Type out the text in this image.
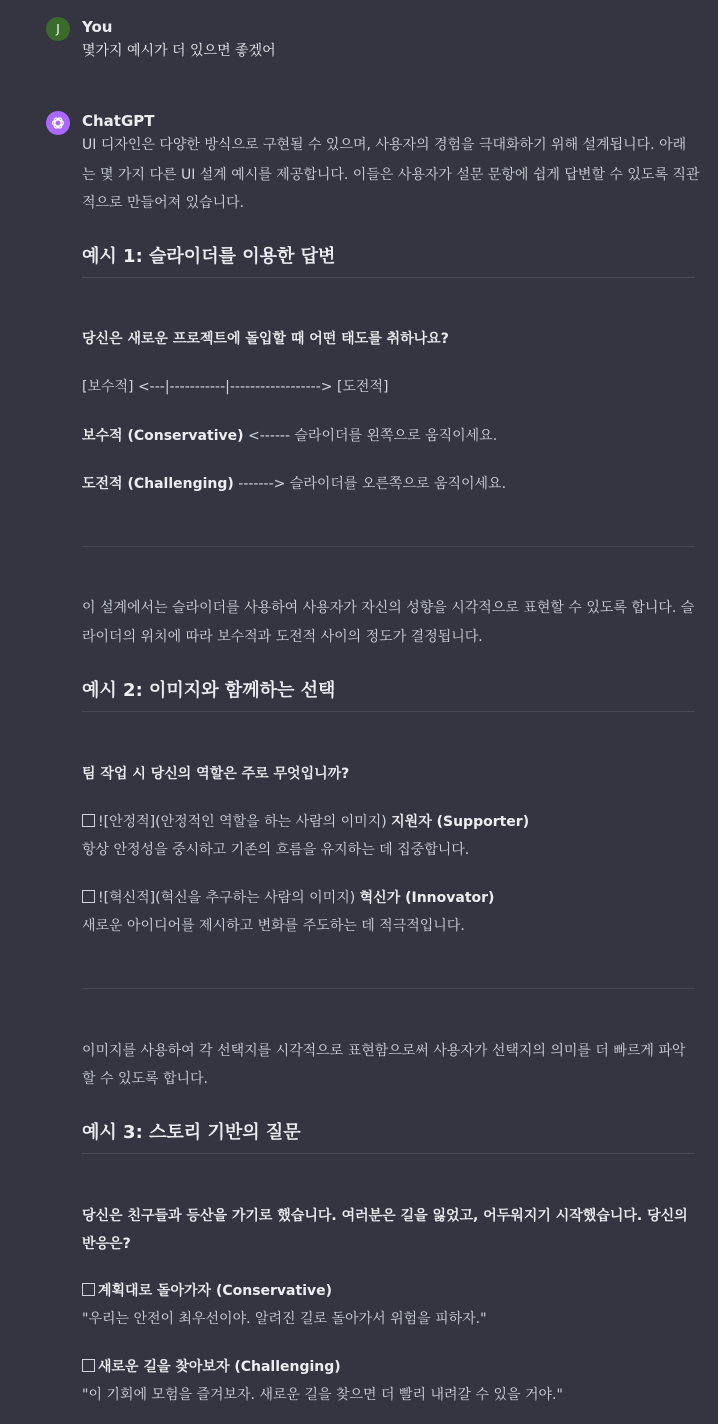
J You
몇가지 예시가 더 있으면 좋겠어
ChatGPT
UI 디자인은 다양한 방식으로 구현될 수 있으며, 사용자의 경험을 극대화하기 위해 설계됩니다. 아래
는 몇 가지 다른 UI 설계 예시를 제공합니다. 이들은 사용자가 설문 문항에 쉽게 답변할 수 있도록 직관
적으로 만들어져 있습니다.
예시 1: 슬라이더를 이용한 답변
당신은 새로운 프로젝트에 돌입할 때 어떤 태도를 취하나요?
[보수적] <---|-----------|------------------> [도전적]
보수적 (Conservative) <------ 슬라이더를 왼쪽으로 움직이세요.
도전적 (Challenging) -------> 슬라이더를 오른쪽으로 움직이세요.
이 설계에서는 슬라이더를 사용하여 사용자가 자신의 성향을 시각적으로 표현할 수 있도록 합니다. 슬
라이더의 위치에 따라 보수적과 도전적 사이의 정도가 결정됩니다.
예시 2: 이미지와 함께하는 선택
팀 작업 시 당신의 역할은 주로 무엇입니까?
![안정적](안정적인 역할을 하는 사람의 이미지) 지원자 (Supporter)
항상 안정성을 중시하고 기존의 흐름을 유지하는 데 집중합니다.
![혁신적](혁신을 추구하는 사람의 이미지) 혁신가 (Innovator)
새로운 아이디어를 제시하고 변화를 주도하는 데 적극적입니다.
이미지를 사용하여 각 선택지를 시각적으로 표현함으로써 사용자가 선택지의 의미를 더 빠르게 파악
할 수 있도록 합니다.
예시 3: 스토리 기반의 질문
당신은 친구들과 등산을 가기로 했습니다. 여러분은 길을 잃었고, 어두워지기 시작했습니다. 당신의
반응은?
계획대로 돌아가자 (Conservative)
"우리는 안전이 최우선이야. 알려진 길로 돌아가서 위험을 피하자."
새로운 길을 찾아보자 (Challenging)
"이 기회에 모험을 즐겨보자. 새로운 길을 찾으면 더 빨리 내려갈 수 있을 거야."
